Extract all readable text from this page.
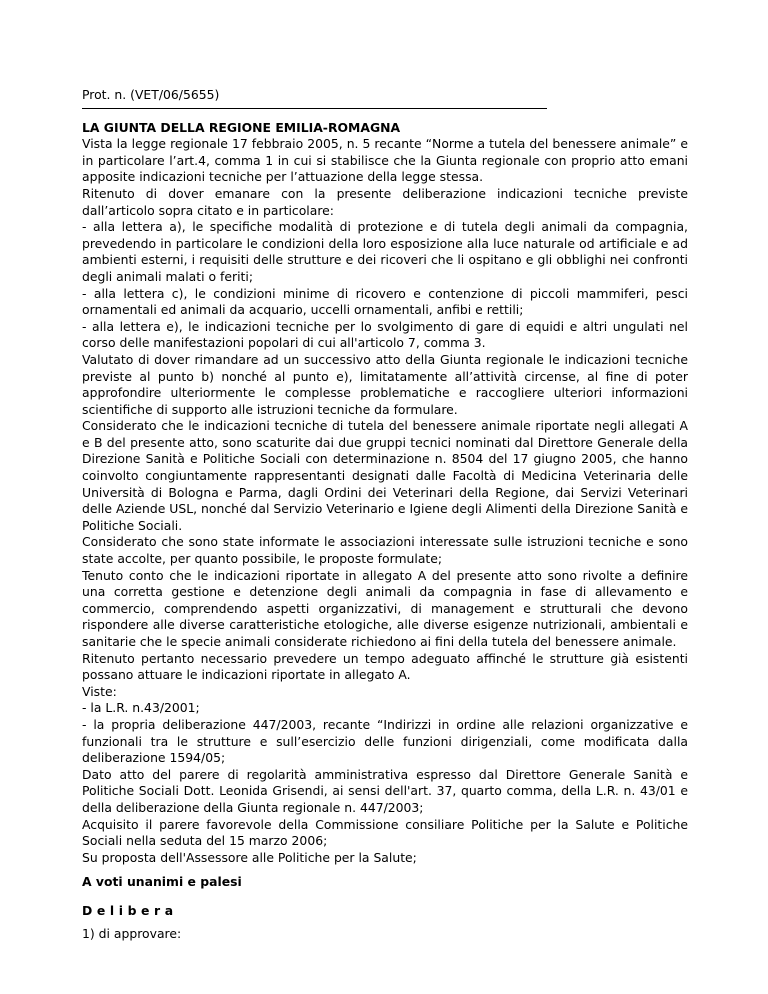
Prot. n. (VET/06/5655)

LA GIUNTA DELLA REGIONE EMILIA-ROMAGNA

Vista la legge regionale 17 febbraio 2005, n. 5 recante “Norme a tutela del benessere animale” e in particolare l’art.4, comma 1 in cui si stabilisce che la Giunta regionale con proprio atto emani apposite indicazioni tecniche per l’attuazione della legge stessa.

Ritenuto di dover emanare con la presente deliberazione indicazioni tecniche previste dall’articolo sopra citato e in particolare:

- alla lettera a), le specifiche modalità di protezione e di tutela degli animali da compagnia, prevedendo in particolare le condizioni della loro esposizione alla luce naturale od artificiale e ad ambienti esterni, i requisiti delle strutture e dei ricoveri che li ospitano e gli obblighi nei confronti degli animali malati o feriti;

- alla lettera c), le condizioni minime di ricovero e contenzione di piccoli mammiferi, pesci ornamentali ed animali da acquario, uccelli ornamentali, anfibi e rettili;

- alla lettera e), le indicazioni tecniche per lo svolgimento di gare di equidi e altri ungulati nel corso delle manifestazioni popolari di cui all'articolo 7, comma 3.

Valutato di dover rimandare ad un successivo atto della Giunta regionale le indicazioni tecniche previste al punto b) nonché al punto e), limitatamente all’attività circense, al fine di poter approfondire ulteriormente le complesse problematiche e raccogliere ulteriori informazioni scientifiche di supporto alle istruzioni tecniche da formulare.

Considerato che le indicazioni tecniche di tutela del benessere animale riportate negli allegati A e B del presente atto, sono scaturite dai due gruppi tecnici nominati dal Direttore Generale della Direzione Sanità e Politiche Sociali con determinazione n. 8504 del 17 giugno 2005, che hanno coinvolto congiuntamente rappresentanti designati dalle Facoltà di Medicina Veterinaria delle Università di Bologna e Parma, dagli Ordini dei Veterinari della Regione, dai Servizi Veterinari delle Aziende USL, nonché dal Servizio Veterinario e Igiene degli Alimenti della Direzione Sanità e Politiche Sociali.

Considerato che sono state informate le associazioni interessate sulle istruzioni tecniche e sono state accolte, per quanto possibile, le proposte formulate;

Tenuto conto che le indicazioni riportate in allegato A del presente atto sono rivolte a definire una corretta gestione e detenzione degli animali da compagnia in fase di allevamento e commercio, comprendendo aspetti organizzativi, di management e strutturali che devono rispondere alle diverse caratteristiche etologiche, alle diverse esigenze nutrizionali, ambientali e sanitarie che le specie animali considerate richiedono ai fini della tutela del benessere animale.

Ritenuto pertanto necessario prevedere un tempo adeguato affinché le strutture già esistenti possano attuare le indicazioni riportate in allegato A.

Viste:

- la L.R. n.43/2001;

- la propria deliberazione 447/2003, recante “Indirizzi in ordine alle relazioni organizzative e funzionali tra le strutture e sull’esercizio delle funzioni dirigenziali, come modificata dalla deliberazione 1594/05;

Dato atto del parere di regolarità amministrativa espresso dal Direttore Generale Sanità e Politiche Sociali Dott. Leonida Grisendi, ai sensi dell'art. 37, quarto comma, della L.R. n. 43/01 e della deliberazione della Giunta regionale n. 447/2003;

Acquisito il parere favorevole della Commissione consiliare Politiche per la Salute e Politiche Sociali nella seduta del 15 marzo 2006;

Su proposta dell'Assessore alle Politiche per la Salute;

A voti unanimi e palesi

Delibera

1) di approvare:
